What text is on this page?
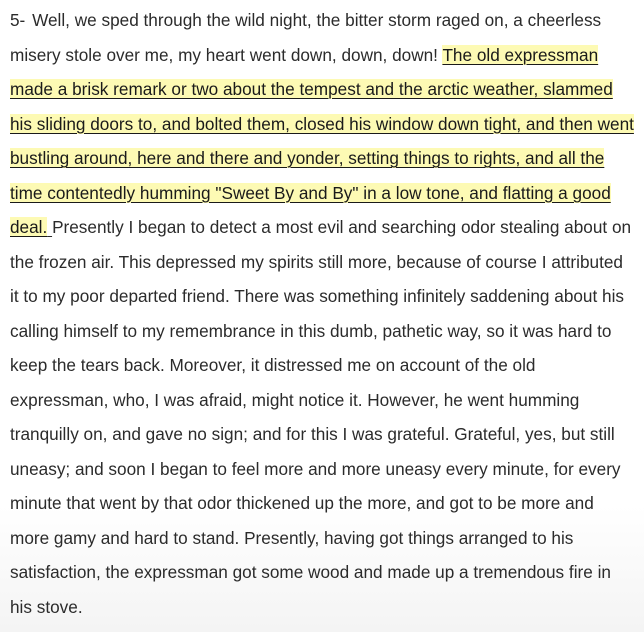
5- Well, we sped through the wild night, the bitter storm raged on, a cheerless misery stole over me, my heart went down, down, down! The old expressman made a brisk remark or two about the tempest and the arctic weather, slammed his sliding doors to, and bolted them, closed his window down tight, and then went bustling around, here and there and yonder, setting things to rights, and all the time contentedly humming "Sweet By and By" in a low tone, and flatting a good deal. Presently I began to detect a most evil and searching odor stealing about on the frozen air. This depressed my spirits still more, because of course I attributed it to my poor departed friend. There was something infinitely saddening about his calling himself to my remembrance in this dumb, pathetic way, so it was hard to keep the tears back. Moreover, it distressed me on account of the old expressman, who, I was afraid, might notice it. However, he went humming tranquilly on, and gave no sign; and for this I was grateful. Grateful, yes, but still uneasy; and soon I began to feel more and more uneasy every minute, for every minute that went by that odor thickened up the more, and got to be more and more gamy and hard to stand. Presently, having got things arranged to his satisfaction, the expressman got some wood and made up a tremendous fire in his stove.
